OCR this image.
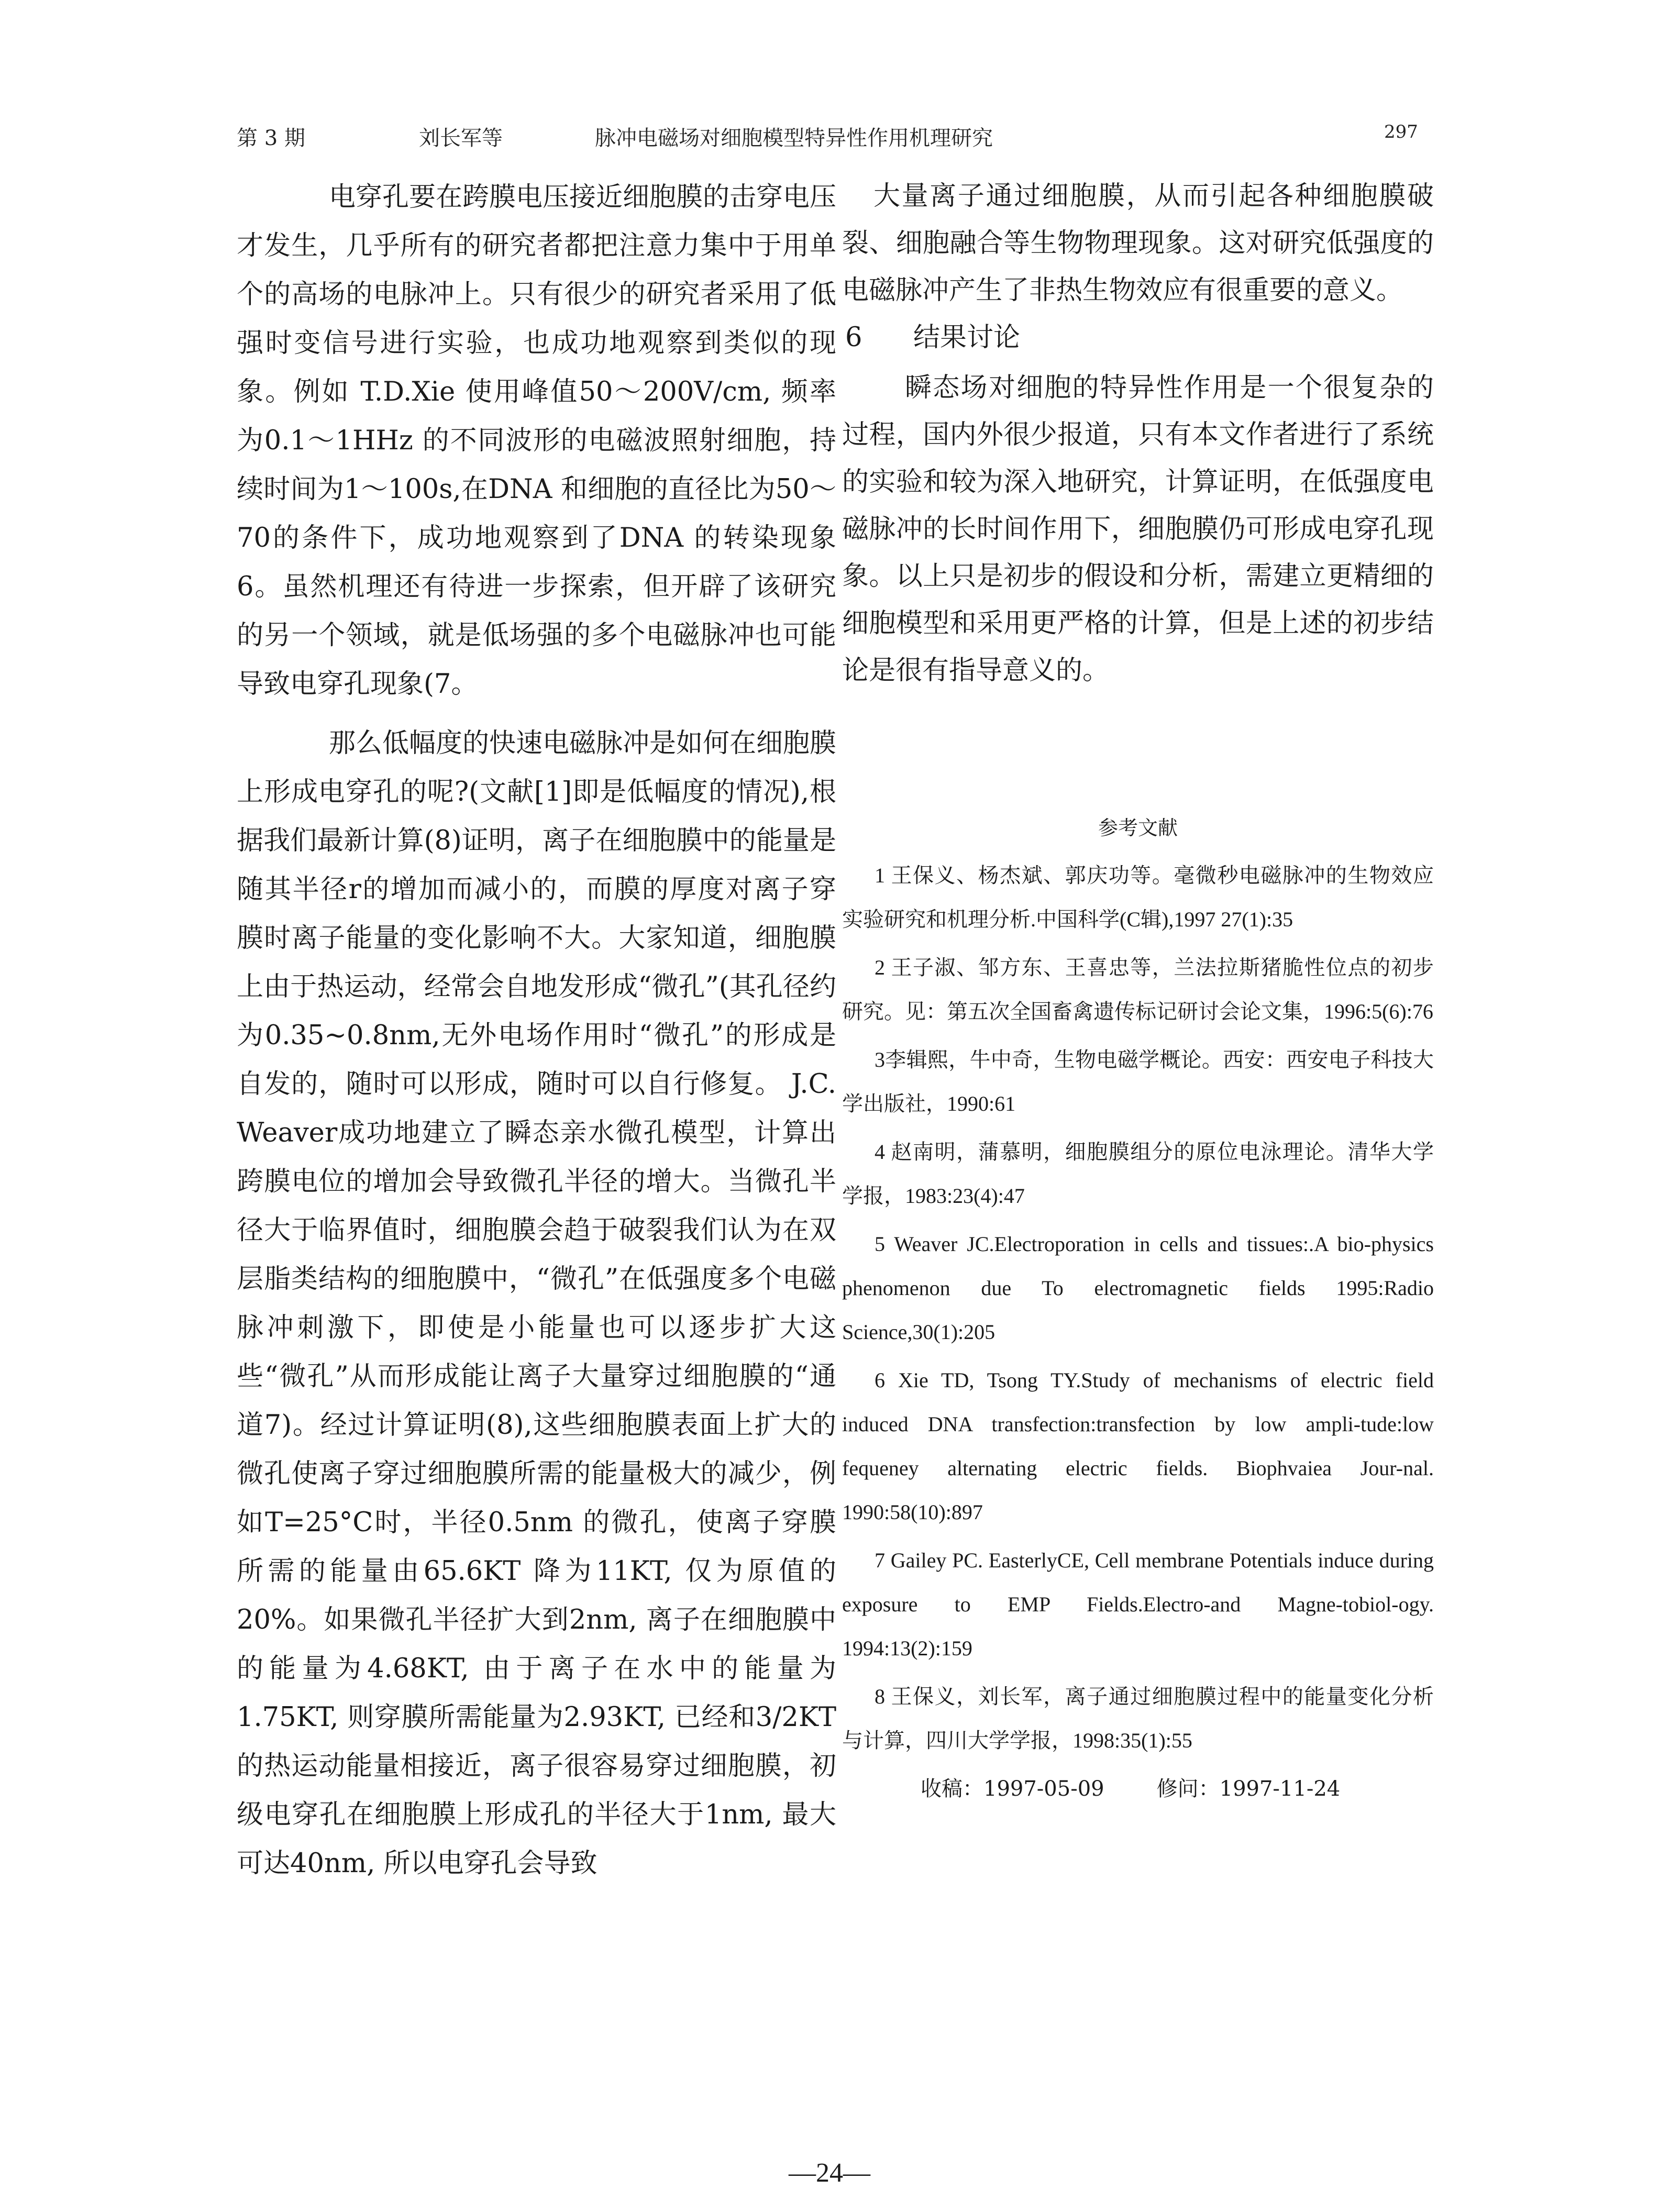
第 3 期	刘长军等	脉冲电磁场对细胞模型特异性作用机理研究	297

电穿孔要在跨膜电压接近细胞膜的击穿电压才发生，几乎所有的研究者都把注意力集中于用单个的高场的电脉冲上。只有很少的研究者采用了低强时变信号进行实验，也成功地观察到类似的现象。例如 T.D.Xie 使用峰值50～200V/cm, 频率为0.1～1HHz 的不同波形的电磁波照射细胞，持续时间为1～100s,在DNA 和细胞的直径比为50～70的条件下，成功地观察到了DNA 的转染现象6。虽然机理还有待进一步探索，但开辟了该研究的另一个领域，就是低场强的多个电磁脉冲也可能导致电穿孔现象(7。

那么低幅度的快速电磁脉冲是如何在细胞膜上形成电穿孔的呢?(文献[1]即是低幅度的情况),根据我们最新计算(8)证明，离子在细胞膜中的能量是随其半径r的增加而减小的，而膜的厚度对离子穿膜时离子能量的变化影响不大。大家知道，细胞膜上由于热运动，经常会自地发形成“微孔”(其孔径约为0.35~0.8nm,无外电场作用时“微孔”的形成是自发的，随时可以形成，随时可以自行修复。 J.C. Weaver成功地建立了瞬态亲水微孔模型，计算出跨膜电位的增加会导致微孔半径的增大。当微孔半径大于临界值时，细胞膜会趋于破裂我们认为在双层脂类结构的细胞膜中，“微孔”在低强度多个电磁脉冲刺激下，即使是小能量也可以逐步扩大这些“微孔”从而形成能让离子大量穿过细胞膜的“通道7)。经过计算证明(8),这些细胞膜表面上扩大的微孔使离子穿过细胞膜所需的能量极大的减少，例如T=25°C时，半径0.5nm 的微孔，使离子穿膜所需的能量由65.6KT 降为11KT, 仅为原值的20%。如果微孔半径扩大到2nm, 离子在细胞膜中的能量为4.68KT, 由于离子在水中的能量为1.75KT, 则穿膜所需能量为2.93KT, 已经和3/2KT 的热运动能量相接近，离子很容易穿过细胞膜，初级电穿孔在细胞膜上形成孔的半径大于1nm, 最大可达40nm, 所以电穿孔会导致

大量离子通过细胞膜，从而引起各种细胞膜破裂、细胞融合等生物物理现象。这对研究低强度的电磁脉冲产生了非热生物效应有很重要的意义。

6 结果讨论

瞬态场对细胞的特异性作用是一个很复杂的过程，国内外很少报道，只有本文作者进行了系统的实验和较为深入地研究，计算证明，在低强度电磁脉冲的长时间作用下，细胞膜仍可形成电穿孔现象。以上只是初步的假设和分析，需建立更精细的细胞模型和采用更严格的计算，但是上述的初步结论是很有指导意义的。

参考文献

1 王保义、杨杰斌、郭庆功等。毫微秒电磁脉冲的生物效应实验研究和机理分析.中国科学(C辑),1997 27(1):35

2 王子淑、邹方东、王喜忠等，兰法拉斯猪脆性位点的初步研究。见：第五次全国畜禽遗传标记研讨会论文集，1996:5(6):76

3李辑熙，牛中奇，生物电磁学概论。西安：西安电子科技大学出版社，1990:61

4 赵南明，蒲慕明，细胞膜组分的原位电泳理论。清华大学学报，1983:23(4):47

5 Weaver JC.Electroporation in cells and tissues:.A bio-physics phenomenon due To electromagnetic fields 1995:Radio Science,30(1):205

6 Xie TD, Tsong TY.Study of mechanisms of electric field induced DNA transfection:transfection by low ampli-tude:low fequeney alternating electric fields. Biophvaiea Jour-nal. 1990:58(10):897

7 Gailey PC. EasterlyCE, Cell membrane Potentials induce during exposure to EMP Fields.Electro-and Magne-tobiol-ogy. 1994:13(2):159

8 王保义，刘长军，离子通过细胞膜过程中的能量变化分析与计算，四川大学学报，1998:35(1):55

收稿：1997-05-09	修问：1997-11-24

—24—
